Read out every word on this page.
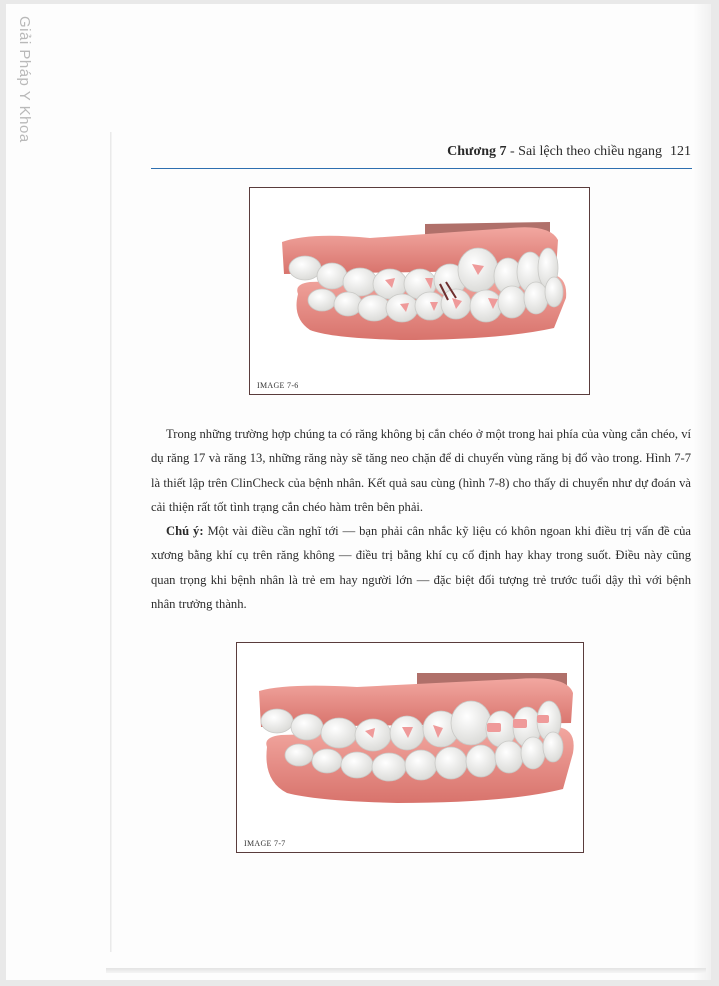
Giải Pháp Y Khoa
Chương 7 - Sai lệch theo chiều ngang 121
IMAGE 7-6
Trong những trường hợp chúng ta có răng không bị cắn chéo ở một trong hai phía của vùng cắn chéo, ví dụ răng 17 và răng 13, những răng này sẽ tăng neo chặn để di chuyển vùng răng bị đổ vào trong. Hình 7-7 là thiết lập trên ClinCheck của bệnh nhân. Kết quả sau cùng (hình 7-8) cho thấy di chuyển như dự đoán và cải thiện rất tốt tình trạng cắn chéo hàm trên bên phải.
Chú ý: Một vài điều cần nghĩ tới — bạn phải cân nhắc kỹ liệu có khôn ngoan khi điều trị vấn đề của xương bằng khí cụ trên răng không — điều trị bằng khí cụ cố định hay khay trong suốt. Điều này cũng quan trọng khi bệnh nhân là trẻ em hay người lớn — đặc biệt đối tượng trẻ trước tuổi dậy thì với bệnh nhân trưởng thành.
IMAGE 7-7
